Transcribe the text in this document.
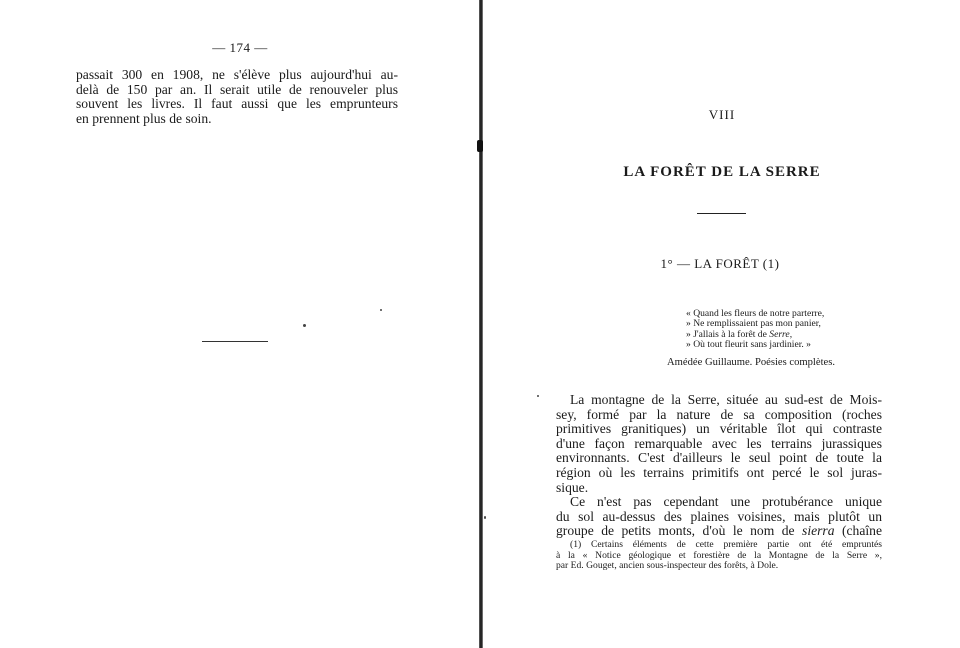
— 174 —
passait 300 en 1908, ne s'élève plus aujourd'hui au-
delà de 150 par an. Il serait utile de renouveler plus
souvent les livres. Il faut aussi que les emprunteurs
en prennent plus de soin.	VIII
LA FORÊT DE LA SERRE
1° — LA FORÊT (1)
« Quand les fleurs de notre parterre,
» Ne remplissaient pas mon panier,
» J'allais à la forêt de Serre,
» Où tout fleurit sans jardinier. »
Amédée Guillaume. Poésies complètes.
La montagne de la Serre, située au sud-est de Mois-
sey, formé par la nature de sa composition (roches
primitives granitiques) un véritable îlot qui contraste
d'une façon remarquable avec les terrains jurassiques
environnants. C'est d'ailleurs le seul point de toute la
région où les terrains primitifs ont percé le sol juras-
sique.
Ce n'est pas cependant une protubérance unique
du sol au-dessus des plaines voisines, mais plutôt un
groupe de petits monts, d'où le nom de sierra (chaîne
(1) Certains éléments de cette première partie ont été empruntés
à la « Notice géologique et forestière de la Montagne de la Serre »,
par Ed. Gouget, ancien sous-inspecteur des forêts, à Dole.
